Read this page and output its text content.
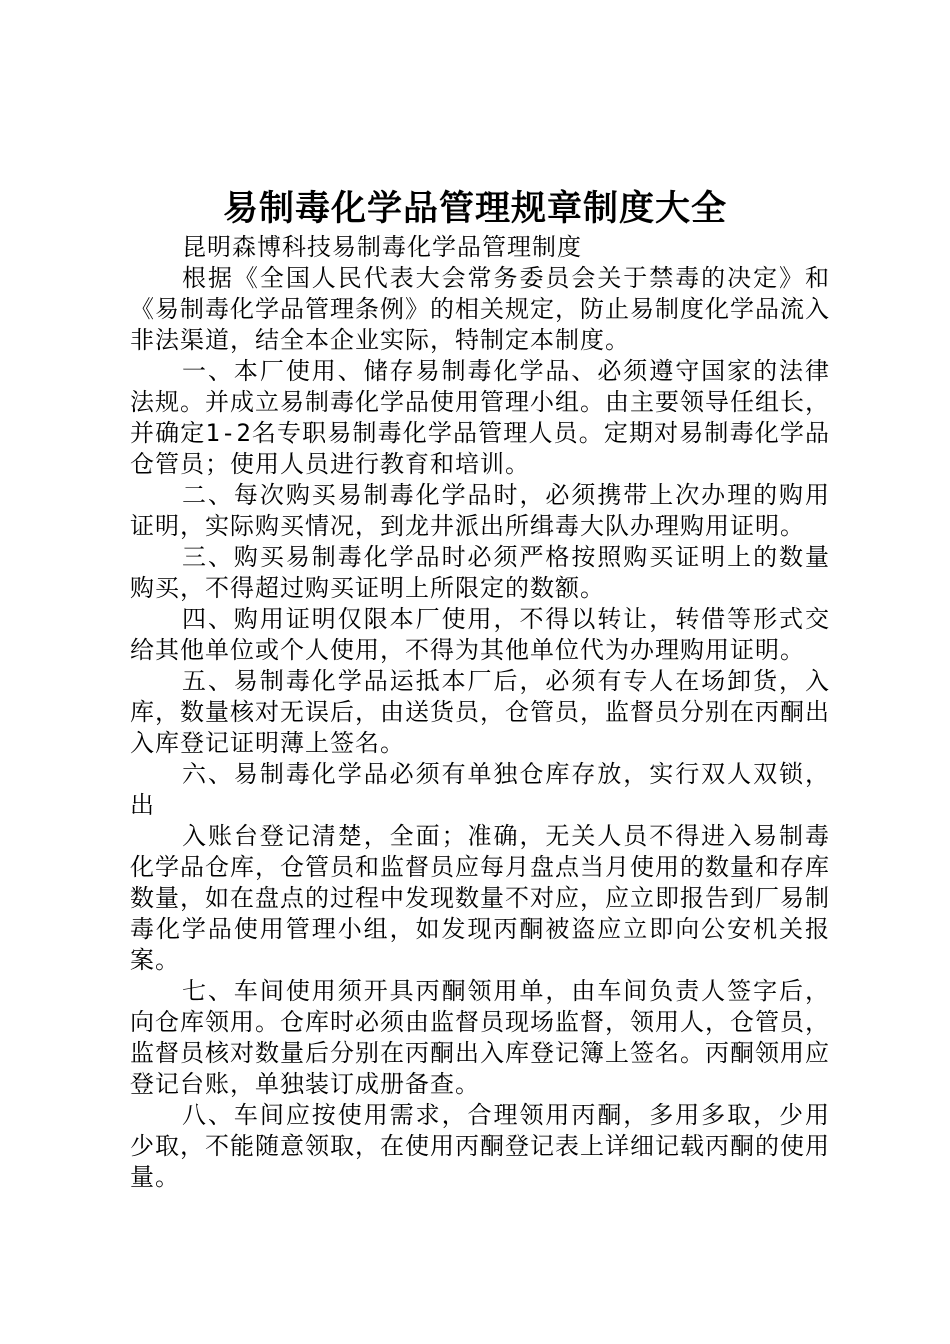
易制毒化学品管理规章制度大全

昆明森博科技易制毒化学品管理制度

根据《全国人民代表大会常务委员会关于禁毒的决定》和《易制毒化学品管理条例》的相关规定，防止易制度化学品流入非法渠道，结全本企业实际，特制定本制度。

一、本厂使用、储存易制毒化学品、必须遵守国家的法律法规。并成立易制毒化学品使用管理小组。由主要领导任组长，并确定1-2名专职易制毒化学品管理人员。定期对易制毒化学品仓管员；使用人员进行教育和培训。

二、每次购买易制毒化学品时，必须携带上次办理的购用证明，实际购买情况，到龙井派出所缉毒大队办理购用证明。

三、购买易制毒化学品时必须严格按照购买证明上的数量购买，不得超过购买证明上所限定的数额。

四、购用证明仅限本厂使用，不得以转让，转借等形式交给其他单位或个人使用，不得为其他单位代为办理购用证明。

五、易制毒化学品运抵本厂后，必须有专人在场卸货，入库，数量核对无误后，由送货员，仓管员，监督员分别在丙酮出入库登记证明薄上签名。

六、易制毒化学品必须有单独仓库存放，实行双人双锁，出

入账台登记清楚，全面；准确，无关人员不得进入易制毒化学品仓库，仓管员和监督员应每月盘点当月使用的数量和存库数量，如在盘点的过程中发现数量不对应，应立即报告到厂易制毒化学品使用管理小组，如发现丙酮被盗应立即向公安机关报案。

七、车间使用须开具丙酮领用单，由车间负责人签字后，向仓库领用。仓库时必须由监督员现场监督，领用人，仓管员，监督员核对数量后分别在丙酮出入库登记簿上签名。丙酮领用应登记台账，单独装订成册备查。

八、车间应按使用需求，合理领用丙酮，多用多取，少用少取，不能随意领取，在使用丙酮登记表上详细记载丙酮的使用量。
